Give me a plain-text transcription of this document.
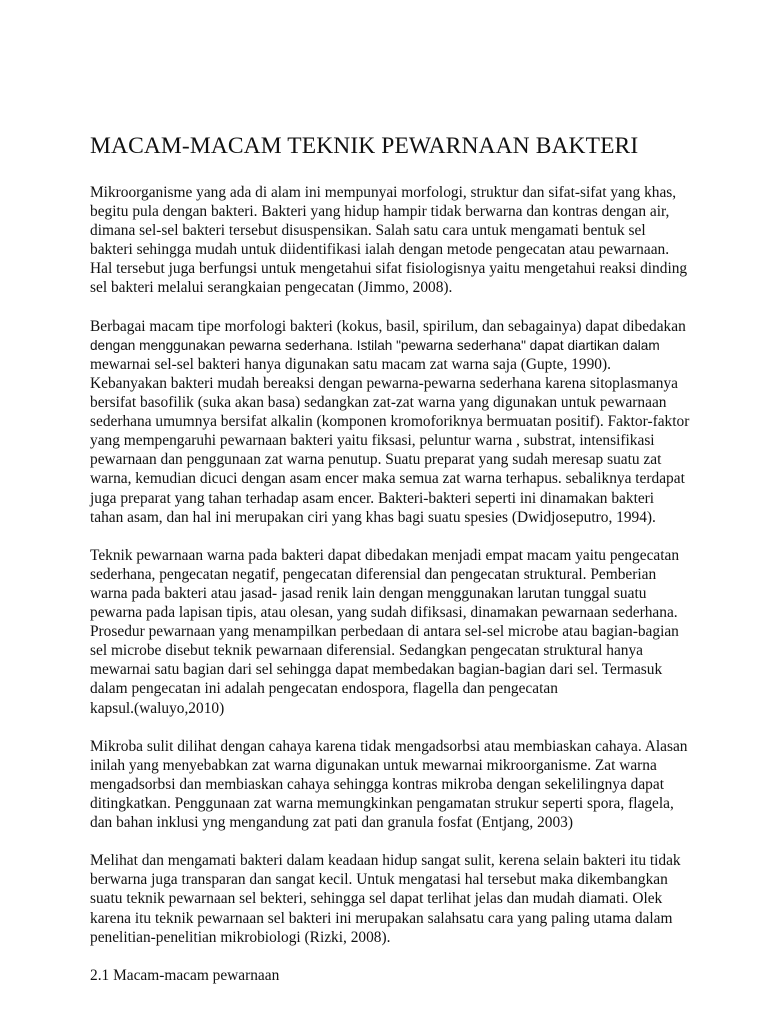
MACAM-MACAM TEKNIK PEWARNAAN BAKTERI
Mikroorganisme yang ada di alam ini mempunyai morfologi, struktur dan sifat-sifat yang khas,
begitu pula dengan bakteri. Bakteri yang hidup hampir tidak berwarna dan kontras dengan air,
dimana sel-sel bakteri tersebut disuspensikan. Salah satu cara untuk mengamati bentuk sel
bakteri sehingga mudah untuk diidentifikasi ialah dengan metode pengecatan atau pewarnaan.
Hal tersebut juga berfungsi untuk mengetahui sifat fisiologisnya yaitu mengetahui reaksi dinding
sel bakteri melalui serangkaian pengecatan (Jimmo, 2008).
Berbagai macam tipe morfologi bakteri (kokus, basil, spirilum, dan sebagainya) dapat dibedakan
dengan menggunakan pewarna sederhana. Istilah "pewarna sederhana" dapat diartikan dalam
mewarnai sel-sel bakteri hanya digunakan satu macam zat warna saja (Gupte, 1990).
Kebanyakan bakteri mudah bereaksi dengan pewarna-pewarna sederhana karena sitoplasmanya
bersifat basofilik (suka akan basa) sedangkan zat-zat warna yang digunakan untuk pewarnaan
sederhana umumnya bersifat alkalin (komponen kromoforiknya bermuatan positif). Faktor-faktor
yang mempengaruhi pewarnaan bakteri yaitu fiksasi, peluntur warna , substrat, intensifikasi
pewarnaan dan penggunaan zat warna penutup. Suatu preparat yang sudah meresap suatu zat
warna, kemudian dicuci dengan asam encer maka semua zat warna terhapus. sebaliknya terdapat
juga preparat yang tahan terhadap asam encer. Bakteri-bakteri seperti ini dinamakan bakteri
tahan asam, dan hal ini merupakan ciri yang khas bagi suatu spesies (Dwidjoseputro, 1994).
Teknik pewarnaan warna pada bakteri dapat dibedakan menjadi empat macam yaitu pengecatan
sederhana, pengecatan negatif, pengecatan diferensial dan pengecatan struktural. Pemberian
warna pada bakteri atau jasad- jasad renik lain dengan menggunakan larutan tunggal suatu
pewarna pada lapisan tipis, atau olesan, yang sudah difiksasi, dinamakan pewarnaan sederhana.
Prosedur pewarnaan yang menampilkan perbedaan di antara sel-sel microbe atau bagian-bagian
sel microbe disebut teknik pewarnaan diferensial. Sedangkan pengecatan struktural hanya
mewarnai satu bagian dari sel sehingga dapat membedakan bagian-bagian dari sel. Termasuk
dalam pengecatan ini adalah pengecatan endospora, flagella dan pengecatan
kapsul.(waluyo,2010)
Mikroba sulit dilihat dengan cahaya karena tidak mengadsorbsi atau membiaskan cahaya. Alasan
inilah yang menyebabkan zat warna digunakan untuk mewarnai mikroorganisme. Zat warna
mengadsorbsi dan membiaskan cahaya sehingga kontras mikroba dengan sekelilingnya dapat
ditingkatkan. Penggunaan zat warna memungkinkan pengamatan strukur seperti spora, flagela,
dan bahan inklusi yng mengandung zat pati dan granula fosfat (Entjang, 2003)
Melihat dan mengamati bakteri dalam keadaan hidup sangat sulit, kerena selain bakteri itu tidak
berwarna juga transparan dan sangat kecil. Untuk mengatasi hal tersebut maka dikembangkan
suatu teknik pewarnaan sel bekteri, sehingga sel dapat terlihat jelas dan mudah diamati. Olek
karena itu teknik pewarnaan sel bakteri ini merupakan salahsatu cara yang paling utama dalam
penelitian-penelitian mikrobiologi (Rizki, 2008).

2.1 Macam-macam pewarnaan
